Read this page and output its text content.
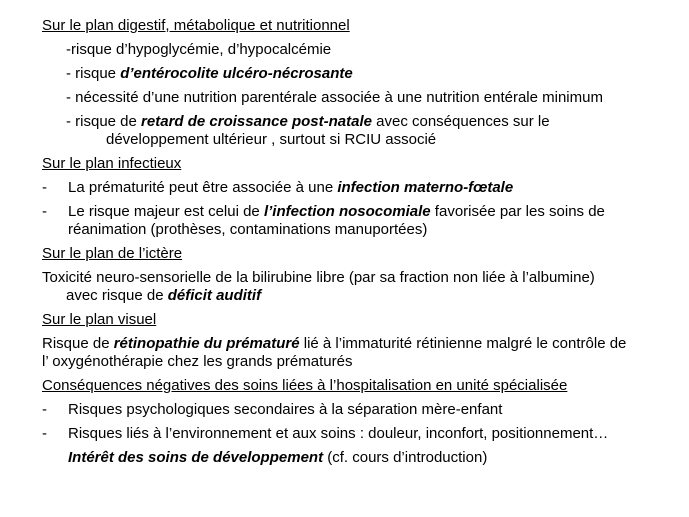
Sur le plan digestif, métabolique et nutritionnel
-risque d’hypoglycémie, d’hypocalcémie
- risque d’entérocolite ulcéro-nécrosante
- nécessité d’une nutrition parentérale associée à une nutrition entérale minimum
- risque de retard de croissance post-natale avec conséquences sur le
développement ultérieur , surtout si RCIU associé
Sur le plan infectieux
- La prématurité peut être associée à une infection materno-fœtale
- Le risque majeur est celui de l’infection nosocomiale favorisée par les soins de
réanimation (prothèses, contaminations manuportées)
Sur le plan de l’ictère
Toxicité neuro-sensorielle de la bilirubine libre (par sa fraction non liée à l’albumine)
avec risque de déficit auditif
Sur le plan visuel
Risque de rétinopathie du prématuré lié à l’immaturité rétinienne malgré le contrôle de
l’ oxygénothérapie chez les grands prématurés
Conséquences négatives des soins liées à l’hospitalisation en unité spécialisée
- Risques psychologiques secondaires à la séparation mère-enfant
- Risques liés à l’environnement et aux soins : douleur, inconfort, positionnement…
Intérêt des soins de développement (cf. cours d’introduction)
